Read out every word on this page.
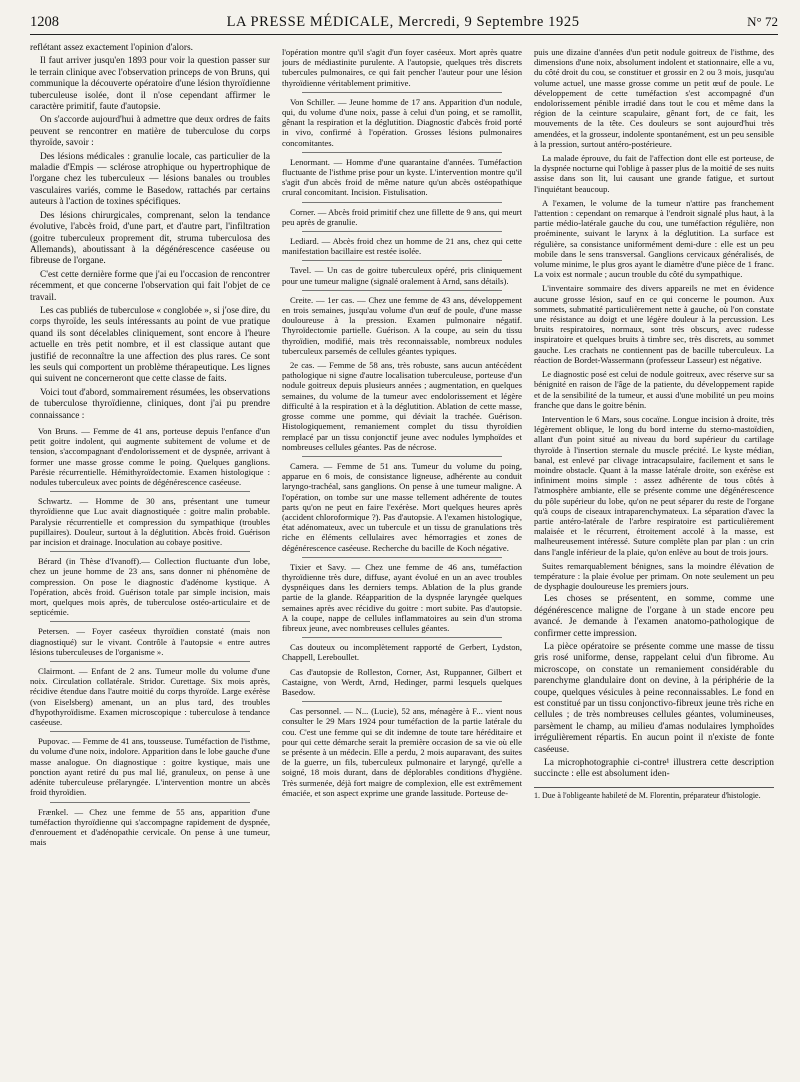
1208	LA PRESSE MÉDICALE, Mercredi, 9 Septembre 1925	N° 72

reflétant assez exactement l'opinion d'alors.

Il faut arriver jusqu'en 1893 pour voir la question passer sur le terrain clinique avec l'observation princeps de von Bruns, qui communique la découverte opératoire d'une lésion thyroïdienne tuberculeuse isolée, dont il n'ose cependant affirmer le caractère primitif, faute d'autopsie.

On s'accorde aujourd'hui à admettre que deux ordres de faits peuvent se rencontrer en matière de tuberculose du corps thyroïde, savoir :

Des lésions médicales : granulie locale, cas particulier de la maladie d'Empis — sclérose atrophique ou hypertrophique de l'organe chez les tuberculeux — lésions banales ou troubles vasculaires variés, comme le Basedow, rattachés par certains auteurs à l'action de toxines spécifiques.

Des lésions chirurgicales, comprenant, selon la tendance évolutive, l'abcès froid, d'une part, et d'autre part, l'infiltration (goitre tuberculeux proprement dit, struma tuberculosa des Allemands), aboutissant à la dégénérescence caséeuse ou fibreuse de l'organe.

C'est cette dernière forme que j'ai eu l'occasion de rencontrer récemment, et que concerne l'observation qui fait l'objet de ce travail.

Les cas publiés de tuberculose « conglobée », si j'ose dire, du corps thyroïde, les seuls intéressants au point de vue pratique quand ils sont décelables cliniquement, sont encore à l'heure actuelle en très petit nombre, et il est classique autant que justifié de reconnaître la une affection des plus rares. Ce sont les seuls qui comportent un problème thérapeutique. Les lignes qui suivent ne concerneront que cette classe de faits.

Voici tout d'abord, sommairement résumées, les observations de tuberculose thyroïdienne, cliniques, dont j'ai pu prendre connaissance :

Von Bruns. — Femme de 41 ans, porteuse depuis l'enfance d'un petit goitre indolent, qui augmente subitement de volume et de tension, s'accompagnant d'endolorissement et de dyspnée, arrivant à former une masse grosse comme le poing. Quelques ganglions. Parésie récurrentielle. Hémithyroïdectomie. Examen histologique : nodules tuberculeux avec points de dégénérescence caséeuse.

Schwartz. — Homme de 30 ans, présentant une tumeur thyroïdienne que Luc avait diagnostiquée : goitre malin probable. Paralysie récurrentielle et compression du sympathique (troubles pupillaires). Douleur, surtout à la déglutition. Abcès froid. Guérison par incision et drainage. Inoculation au cobaye positive.

Bérard (in Thèse d'Ivanoff).— Collection fluctuante d'un lobe, chez un jeune homme de 23 ans, sans donner ni phénomène de compression. On pose le diagnostic d'adénome kystique. A l'opération, abcès froid. Guérison totale par simple incision, mais mort, quelques mois après, de tuberculose ostéo-articulaire et de septicémie.

Petersen. — Foyer caséeux thyroïdien constaté (mais non diagnostiqué) sur le vivant. Contrôle à l'autopsie « entre autres lésions tuberculeuses de l'organisme ».

Clairmont. — Enfant de 2 ans. Tumeur molle du volume d'une noix. Circulation collatérale. Stridor. Curettage. Six mois après, récidive étendue dans l'autre moitié du corps thyroïde. Large exérèse (von Eiselsberg) amenant, un an plus tard, des troubles d'hypothyroïdisme. Examen microscopique : tuberculose à tendance caséeuse.

Pupovac. — Femme de 41 ans, tousseuse. Tuméfaction de l'isthme, du volume d'une noix, indolore. Apparition dans le lobe gauche d'une masse analogue. On diagnostique : goitre kystique, mais une ponction ayant retiré du pus mal lié, granuleux, on pense à une adénite tuberculeuse prélaryngée. L'intervention montre un abcès froid thyroïdien.

Frænkel. — Chez une femme de 55 ans, apparition d'une tuméfaction thyroïdienne qui s'accompagne rapidement de dyspnée, d'enrouement et d'adénopathie cervicale. On pense à une tumeur, mais

l'opération montre qu'il s'agit d'un foyer caséeux. Mort après quatre jours de médiastinite purulente. A l'autopsie, quelques très discrets tubercules pulmonaires, ce qui fait pencher l'auteur pour une lésion thyroïdienne véritablement primitive.

Von Schiller. — Jeune homme de 17 ans. Apparition d'un nodule, qui, du volume d'une noix, passe à celui d'un poing, et se ramollit, gênant la respiration et la déglutition. Diagnostic d'abcès froid porté in vivo, confirmé à l'opération. Grosses lésions pulmonaires concomitantes.

Lenormant. — Homme d'une quarantaine d'années. Tuméfaction fluctuante de l'isthme prise pour un kyste. L'intervention montre qu'il s'agit d'un abcès froid de même nature qu'un abcès ostéopathique crural concomitant. Incision. Fistulisation.

Corner. — Abcès froid primitif chez une fillette de 9 ans, qui meurt peu après de granulie.

Lediard. — Abcès froid chez un homme de 21 ans, chez qui cette manifestation bacillaire est restée isolée.

Tavel. — Un cas de goitre tuberculeux opéré, pris cliniquement pour une tumeur maligne (signalé oralement à Arnd, sans détails).

Creite. — 1er cas. — Chez une femme de 43 ans, développement en trois semaines, jusqu'au volume d'un œuf de poule, d'une masse douloureuse à la pression. Examen pulmonaire négatif. Thyroïdectomie partielle. Guérison. A la coupe, au sein du tissu thyroïdien, modifié, mais très reconnaissable, nombreux nodules tuberculeux parsemés de cellules géantes typiques.

2e cas. — Femme de 58 ans, très robuste, sans aucun antécédent pathologique ni signe d'autre localisation tuberculeuse, porteuse d'un nodule goitreux depuis plusieurs années ; augmentation, en quelques semaines, du volume de la tumeur avec endolorissement et légère difficulté à la respiration et à la déglutition. Ablation de cette masse, grosse comme une pomme, qui déviait la trachée. Guérison. Histologiquement, remaniement complet du tissu thyroïdien remplacé par un tissu conjonctif jeune avec nodules lymphoïdes et nombreuses cellules géantes. Pas de nécrose.

Camera. — Femme de 51 ans. Tumeur du volume du poing, apparue en 6 mois, de consistance ligneuse, adhérente au conduit laryngo-trachéal, sans ganglions. On pense à une tumeur maligne. A l'opération, on tombe sur une masse tellement adhérente de toutes parts qu'on ne peut en faire l'exérèse. Mort quelques heures après (accident chloroformique ?). Pas d'autopsie. A l'examen histologique, état adénomateux, avec un tubercule et un tissu de granulations très riche en éléments cellulaires avec hémorragies et zones de dégénérescence caséeuse. Recherche du bacille de Koch négative.

Tixier et Savy. — Chez une femme de 46 ans, tuméfaction thyroïdienne très dure, diffuse, ayant évolué en un an avec troubles dyspnéiques dans les derniers temps. Ablation de la plus grande partie de la glande. Réapparition de la dyspnée laryngée quelques semaines après avec récidive du goitre : mort subite. Pas d'autopsie. A la coupe, nappe de cellules inflammatoires au sein d'un stroma fibreux jeune, avec nombreuses cellules géantes.

Cas douteux ou incomplètement rapporté de Gerbert, Lydston, Chappell, Lereboullet.

Cas d'autopsie de Rolleston, Corner, Ast, Ruppanner, Gilbert et Castaigne, von Werdt, Arnd, Hedinger, parmi lesquels quelques Basedow.

Cas personnel. — N... (Lucie), 52 ans, ménagère à F... vient nous consulter le 29 Mars 1924 pour tuméfaction de la partie latérale du cou. C'est une femme qui se dit indemne de toute tare héréditaire et pour qui cette démarche serait la première occasion de sa vie où elle se présente à un médecin. Elle a perdu, 2 mois auparavant, des suites de la guerre, un fils, tuberculeux pulmonaire et laryngé, qu'elle a soigné, 18 mois durant, dans de déplorables conditions d'hygiène. Très surmenée, déjà fort maigre de complexion, elle est extrêmement émaciée, et son aspect exprime une grande lassitude. Porteuse de-

puis une dizaine d'années d'un petit nodule goitreux de l'isthme, des dimensions d'une noix, absolument indolent et stationnaire, elle a vu, du côté droit du cou, se constituer et grossir en 2 ou 3 mois, jusqu'au volume actuel, une masse grosse comme un petit œuf de poule. Le développement de cette tuméfaction s'est accompagné d'un endolorissement pénible irradié dans tout le cou et même dans la région de la ceinture scapulaire, gênant fort, de ce fait, les mouvements de la tête. Ces douleurs se sont aujourd'hui très amendées, et la grosseur, indolente spontanément, est un peu sensible à la pression, surtout antéro-postérieure.

La malade éprouve, du fait de l'affection dont elle est porteuse, de la dyspnée nocturne qui l'oblige à passer plus de la moitié de ses nuits assise dans son lit, lui causant une grande fatigue, et surtout l'inquiétant beaucoup.

A l'examen, le volume de la tumeur n'attire pas franchement l'attention : cependant on remarque à l'endroit signalé plus haut, à la partie médio-latérale gauche du cou, une tuméfaction régulière, non proéminente, suivant le larynx à la déglutition. La surface est régulière, sa consistance uniformément demi-dure : elle est un peu mobile dans le sens transversal. Ganglions cervicaux généralisés, de volume minime, le plus gros ayant le diamètre d'une pièce de 1 franc. La voix est normale ; aucun trouble du côté du sympathique.

L'inventaire sommaire des divers appareils ne met en évidence aucune grosse lésion, sauf en ce qui concerne le poumon. Aux sommets, submatité particulièrement nette à gauche, où l'on constate une résistance au doigt et une légère douleur à la percussion. Les bruits respiratoires, normaux, sont très obscurs, avec rudesse inspiratoire et quelques bruits à timbre sec, très discrets, au sommet gauche. Les crachats ne contiennent pas de bacille tuberculeux. La réaction de Bordet-Wassermann (professeur Lasseur) est négative.

Le diagnostic posé est celui de nodule goitreux, avec réserve sur sa bénignité en raison de l'âge de la patiente, du développement rapide et de la sensibilité de la tumeur, et aussi d'une mobilité un peu moins franche que dans le goitre bénin.

Intervention le 6 Mars, sous cocaïne. Longue incision à droite, très légèrement oblique, le long du bord interne du sterno-mastoïdien, allant d'un point situé au niveau du bord supérieur du cartilage thyroïde à l'insertion sternale du muscle précité. Le kyste médian, banal, est enlevé par clivage intracapsulaire, facilement et sans le moindre obstacle. Quant à la masse latérale droite, son exérèse est infiniment moins simple : assez adhérente de tous côtés à l'atmosphère ambiante, elle se présente comme une dégénérescence du pôle supérieur du lobe, qu'on ne peut séparer du reste de l'organe qu'à coups de ciseaux intraparenchymateux. La séparation d'avec la partie antéro-latérale de l'arbre respiratoire est particulièrement malaisée et le récurrent, étroitement accolé à la masse, est malheureusement intéressé. Suture complète plan par plan : un crin dans l'angle inférieur de la plaie, qu'on enlève au bout de trois jours.

Suites remarquablement bénignes, sans la moindre élévation de température : la plaie évolue per primam. On note seulement un peu de dysphagie douloureuse les premiers jours.

Les choses se présentent, en somme, comme une dégénérescence maligne de l'organe à un stade encore peu avancé. Je demande à l'examen anatomo-pathologique de confirmer cette impression.

La pièce opératoire se présente comme une masse de tissu gris rosé uniforme, dense, rappelant celui d'un fibrome. Au microscope, on constate un remaniement considérable du parenchyme glandulaire dont on devine, à la périphérie de la coupe, quelques vésicules à peine reconnaissables. Le fond en est constitué par un tissu conjonctivo-fibreux jeune très riche en cellules ; de très nombreuses cellules géantes, volumineuses, parsèment le champ, au milieu d'amas nodulaires lymphoïdes irrégulièrement répartis. En aucun point il n'existe de fonte caséeuse.

La microphotographie ci-contre¹ illustrera cette description succincte : elle est absolument iden-

1. Due à l'obligeante habileté de M. Florentin, préparateur d'histologie.
